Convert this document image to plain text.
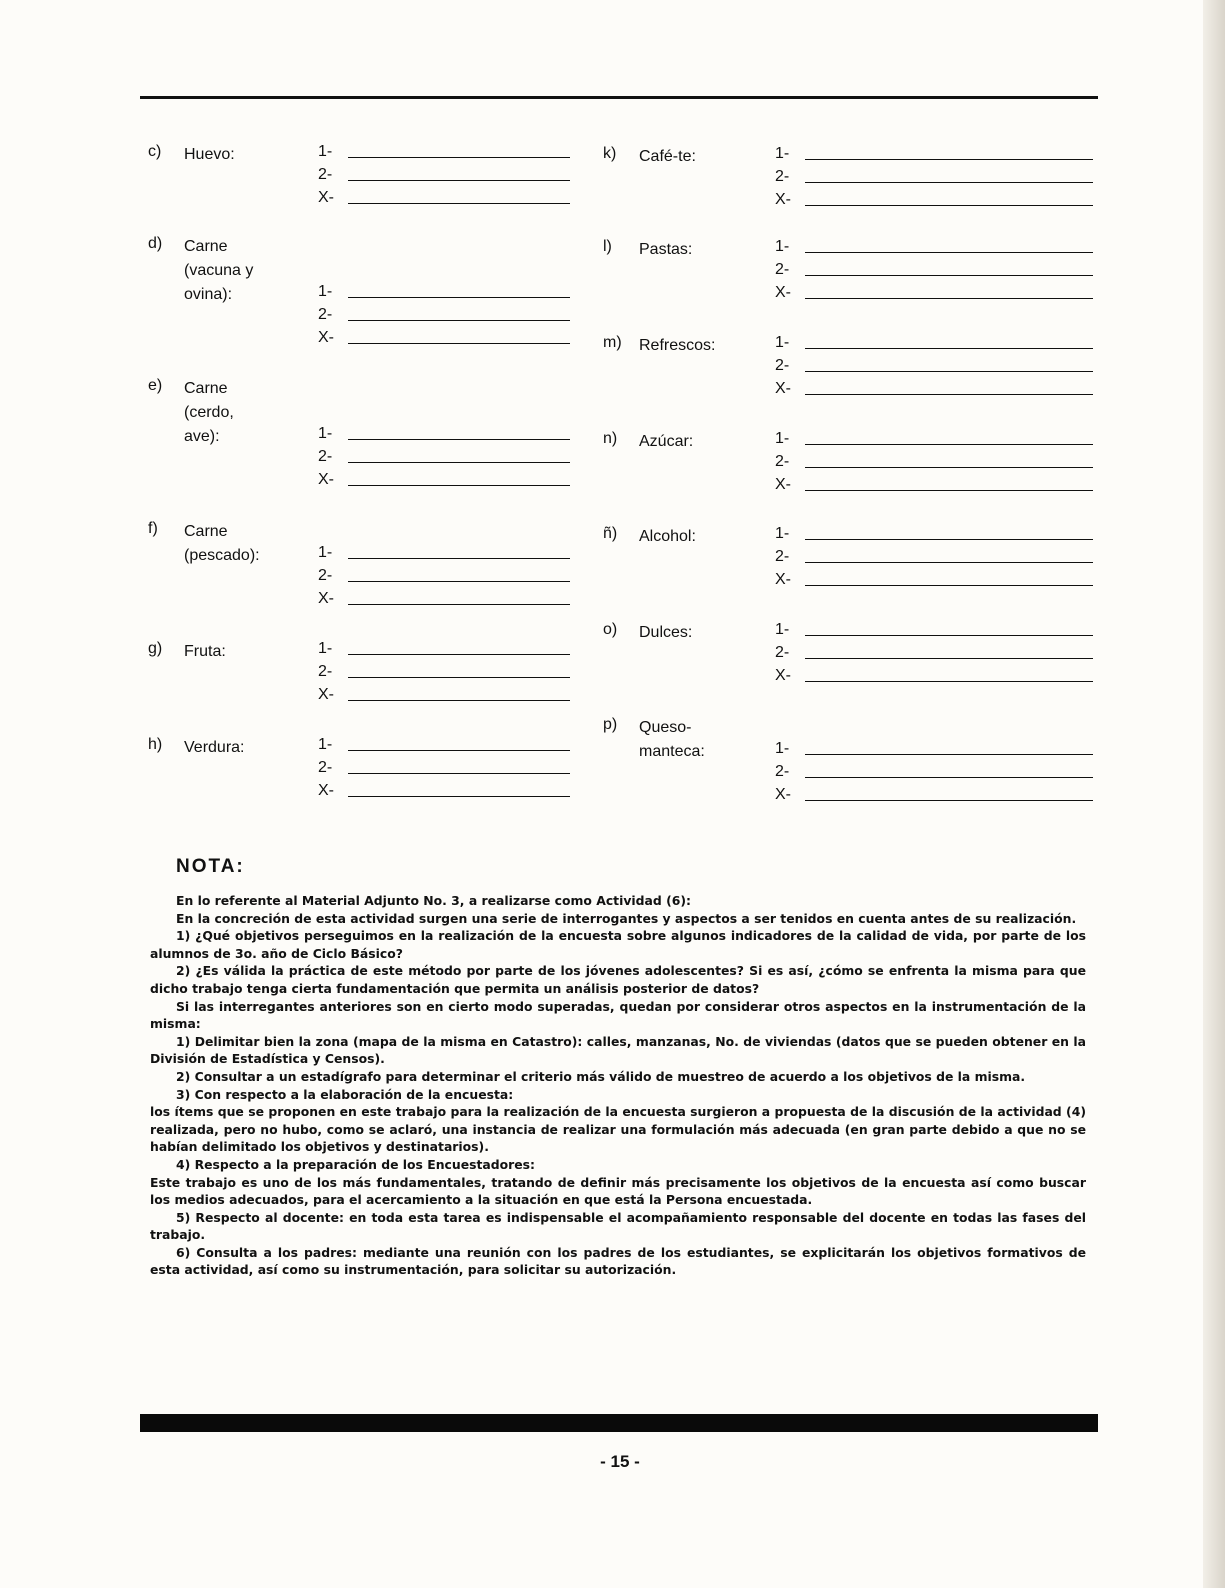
c) Huevo:	1-
2-
X-
d) Carne
(vacuna y
ovina):	1-
2-
X-
e) Carne
(cerdo,
ave):	1-
2-
X-
f) Carne
(pescado):	1-
2-
X-
g) Fruta:	1-
2-
X-
h) Verdura:	1-
2-
X-
k) Café-te:	1-
2-
X-
l) Pastas:	1-
2-
X-
m) Refrescos:	1-
2-
X-
n) Azúcar:	1-
2-
X-
ñ) Alcohol:	1-
2-
X-
o) Dulces:	1-
2-
X-
p) Queso-
manteca:	1-
2-
X-
NOTA:

En lo referente al Material Adjunto No. 3, a realizarse como Actividad (6):

En la concreción de esta actividad surgen una serie de interrogantes y aspectos a ser tenidos en cuenta antes de su realización.

1) ¿Qué objetivos perseguimos en la realización de la encuesta sobre algunos indicadores de la calidad de vida, por parte de los alumnos de 3o. año de Ciclo Básico?

2) ¿Es válida la práctica de este método por parte de los jóvenes adolescentes? Si es así, ¿cómo se enfrenta la misma para que dicho trabajo tenga cierta fundamentación que permita un análisis posterior de datos?

Si las interregantes anteriores son en cierto modo superadas, quedan por considerar otros aspectos en la instrumentación de la misma:

1) Delimitar bien la zona (mapa de la misma en Catastro): calles, manzanas, No. de viviendas (datos que se pueden obtener en la División de Estadística y Censos).

2) Consultar a un estadígrafo para determinar el criterio más válido de muestreo de acuerdo a los objetivos de la misma.

3) Con respecto a la elaboración de la encuesta:

los ítems que se proponen en este trabajo para la realización de la encuesta surgieron a propuesta de la discusión de la actividad (4) realizada, pero no hubo, como se aclaró, una instancia de realizar una formulación más adecuada (en gran parte debido a que no se habían delimitado los objetivos y destinatarios).

4) Respecto a la preparación de los Encuestadores:

Este trabajo es uno de los más fundamentales, tratando de definir más precisamente los objetivos de la encuesta así como buscar los medios adecuados, para el acercamiento a la situación en que está la Persona encuestada.

5) Respecto al docente: en toda esta tarea es indispensable el acompañamiento responsable del docente en todas las fases del trabajo.

6) Consulta a los padres: mediante una reunión con los padres de los estudiantes, se explicitarán los objetivos formativos de esta actividad, así como su instrumentación, para solicitar su autorización.

- 15 -
